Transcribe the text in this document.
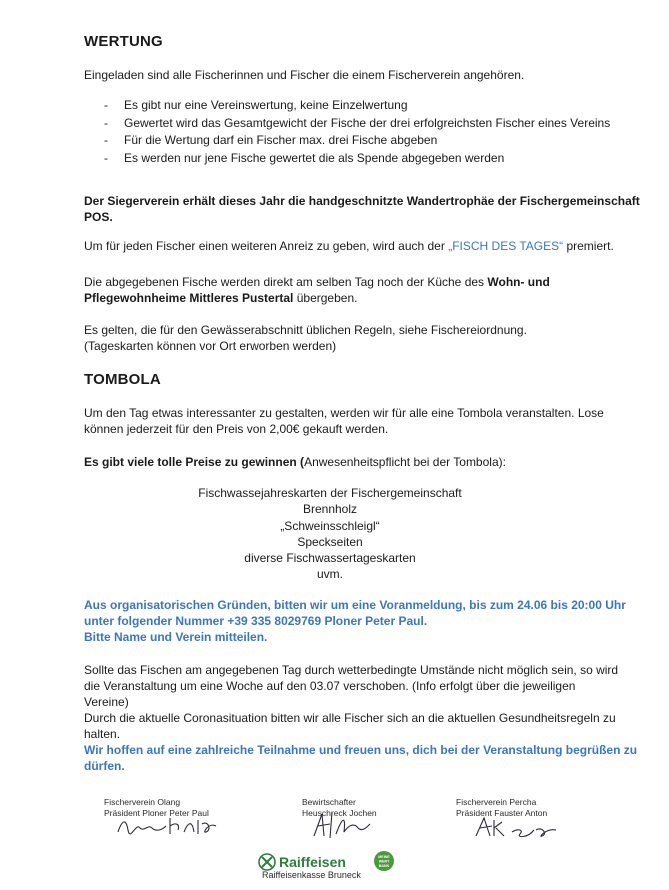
WERTUNG
Eingeladen sind alle Fischerinnen und Fischer die einem Fischerverein angehören.
- Es gibt nur eine Vereinswertung, keine Einzelwertung
- Gewertet wird das Gesamtgewicht der Fische der drei erfolgreichsten Fischer eines Vereins
- Für die Wertung darf ein Fischer max. drei Fische abgeben
- Es werden nur jene Fische gewertet die als Spende abgegeben werden
Der Siegerverein erhält dieses Jahr die handgeschnitzte Wandertrophäe der Fischergemeinschaft
POS.
Um für jeden Fischer einen weiteren Anreiz zu geben, wird auch der „FISCH DES TAGES“ premiert.
Die abgegebenen Fische werden direkt am selben Tag noch der Küche des Wohn- und
Pflegewohnheime Mittleres Pustertal übergeben.
Es gelten, die für den Gewässerabschnitt üblichen Regeln, siehe Fischereiordnung.
(Tageskarten können vor Ort erworben werden)
TOMBOLA
Um den Tag etwas interessanter zu gestalten, werden wir für alle eine Tombola veranstalten. Lose
können jederzeit für den Preis von 2,00€ gekauft werden.
Es gibt viele tolle Preise zu gewinnen (Anwesenheitspflicht bei der Tombola):
Fischwassejahreskarten der Fischergemeinschaft
Brennholz
„Schweinsschleigl“
Speckseiten
diverse Fischwassertageskarten
uvm.
Aus organisatorischen Gründen, bitten wir um eine Voranmeldung, bis zum 24.06 bis 20:00 Uhr
unter folgender Nummer +39 335 8029769 Ploner Peter Paul.
Bitte Name und Verein mitteilen.
Sollte das Fischen am angegebenen Tag durch wetterbedingte Umstände nicht möglich sein, so wird
die Veranstaltung um eine Woche auf den 03.07 verschoben. (Info erfolgt über die jeweiligen
Vereine)
Durch die aktuelle Coronasituation bitten wir alle Fischer sich an die aktuellen Gesundheitsregeln zu
halten.
Wir hoffen auf eine zahlreiche Teilnahme und freuen uns, dich bei der Veranstaltung begrüßen zu
dürfen.
Fischerverein Olang
Präsident Ploner Peter Paul
Bewirtschafter
Heuschreck Jochen
Fischerverein Percha
Präsident Fauster Anton
Raiffeisen	MEINE
WERT
BANK
Raiffeisenkasse Bruneck
